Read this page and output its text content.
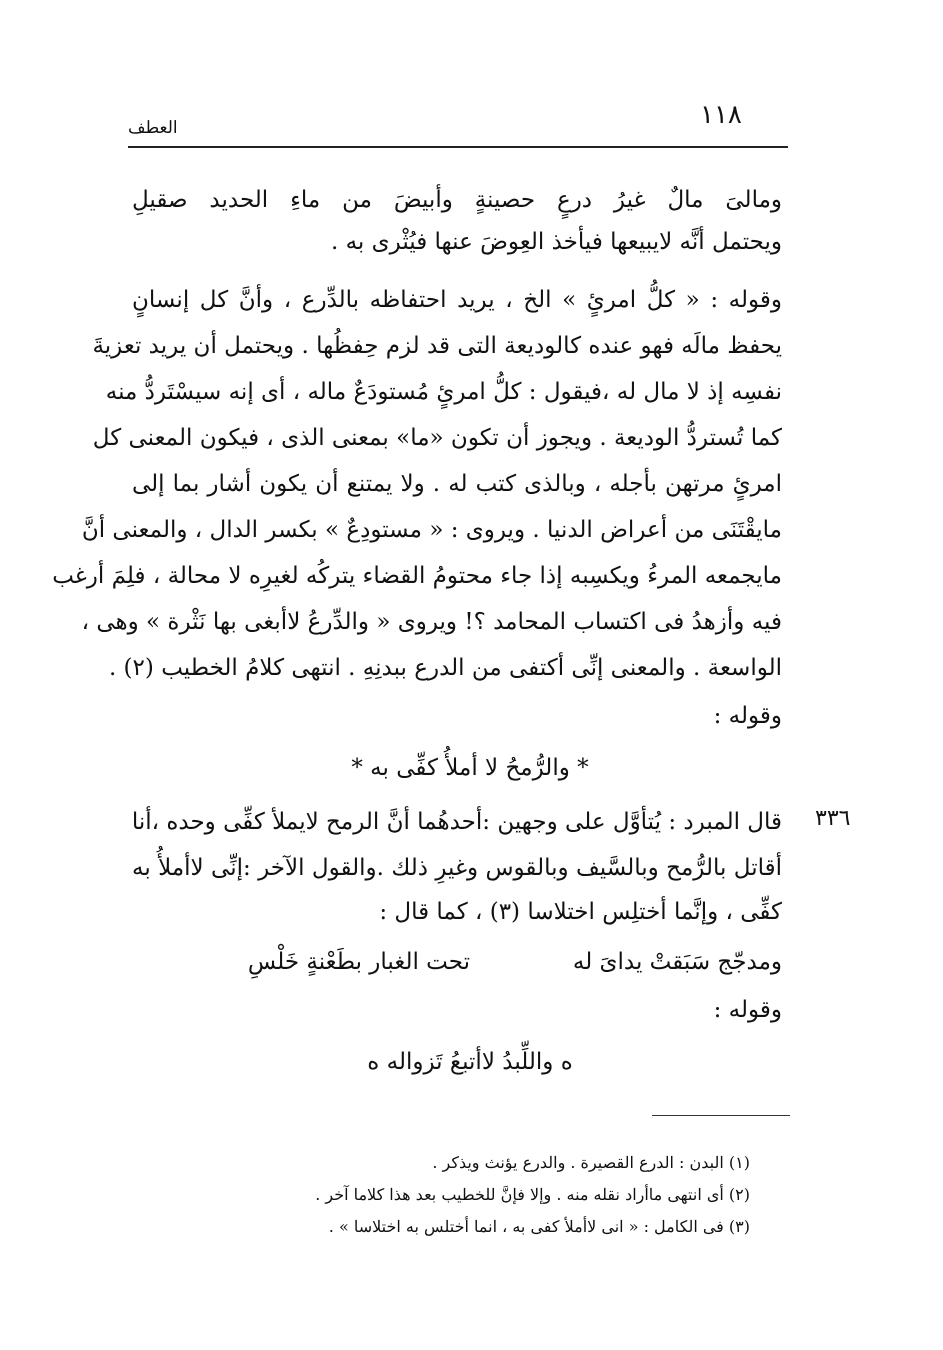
١١٨
العطف
ومالىَ مالٌ غيرُ درعٍ حصينةٍ وأبيضَ من ماءِ الحديد صقيلِ
ويحتمل أنَّه لايبيعها فيأخذ العِوضَ عنها فيُثْرى به .
وقوله : « كلُّ امرئٍ » الخ ، يريد احتفاظه بالدِّرع ، وأنَّ كل إنسانٍ
يحفظ مالَه فهو عنده كالوديعة التى قد لزم حِفظُها . ويحتمل أن يريد تعزيةَ
نفسِه إذ لا مال له ،فيقول : كلُّ امرئٍ مُستودَعٌ ماله ، أى إنه سيسْتَردُّ منه
كما تُستردُّ الوديعة . ويجوز أن تكون «ما» بمعنى الذى ، فيكون المعنى كل
امرئٍ مرتهن بأجله ، وبالذى كتب له . ولا يمتنع أن يكون أشار بما إلى
مايقْتَنَى من أعراض الدنيا . ويروى : « مستودِعٌ » بكسر الدال ، والمعنى أنَّ
مايجمعه المرءُ ويكسِبه إذا جاء محتومُ القضاء يتركُه لغيرِه لا محالة ، فلِمَ أرغب
فيه وأزهدُ فى اكتساب المحامد ؟! ويروى « والدِّرعُ لاأبغى بها نَثْرة » وهى ،
الواسعة . والمعنى إنِّى أكتفى من الدرع ببدنِهِ . انتهى كلامُ الخطيب (٢) .
وقوله :
* والرُّمحُ لا أملأُ كفِّى به *
٣٣٦
قال المبرد : يُتأوَّل على وجهين :أحدهُما أنَّ الرمح لايملأ كفِّى وحده ،أنا
أقاتل بالرُّمح وبالسَّيف وبالقوس وغيرِ ذلك .والقول الآخر :إنِّى لاأملأُ به
كفِّى ، وإنَّما أختلِس اختلاسا (٣) ، كما قال :
ومدجّج سَبَقتْ يداىَ له
تحت الغبار بطَعْنةٍ خَلْسِ
وقوله :
ه واللِّبدُ لاأتبعُ تَزواله ه
(١) البدن : الدرع القصيرة . والدرع يؤنث ويذكر .
(٢) أى انتهى ماأراد نقله منه . وإلا فإنَّ للخطيب بعد هذا كلاما آخر .
(٣) فى الكامل : « انى لاأملأ كفى به ، انما أختلس به اختلاسا » .
